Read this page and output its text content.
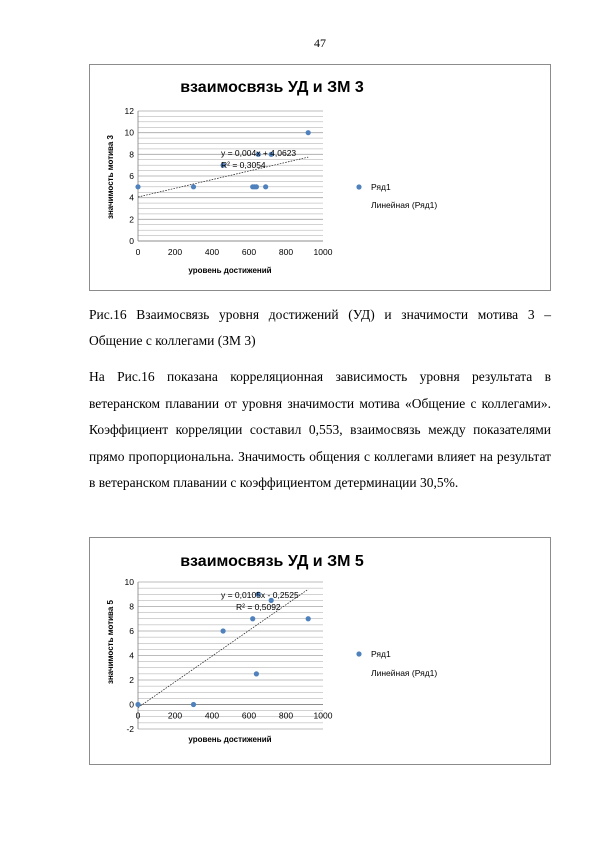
47
взаимосвязь УД и ЗМ 3
0
2
4
6
8
10
12
0	200	400	600	800 1000
y = 0,004x + 4,0623
R² = 0,3054
уровень достижений
значимость мотива 3	Ряд1
Линейная (Ряд1)
Рис.16 Взаимосвязь уровня достижений (УД) и значимости мотива 3 – Общение с коллегами (ЗМ 3)
На Рис.16 показана корреляционная зависимость уровня результата в ветеранском плавании от уровня значимости мотива «Общение с коллегами». Коэффициент корреляции составил 0,553, взаимосвязь между показателями прямо пропорциональна. Значимость общения с коллегами влияет на результат в ветеранском плавании с коэффициентом детерминации 30,5%.
взаимосвязь УД и ЗМ 5
-2
0
2
4
6
8
10
0	200	400	600	800 1000
y = 0,0105x - 0,2525
R² = 0,5092
уровень достижений
значимость мотива 5	Ряд1
Линейная (Ряд1)
